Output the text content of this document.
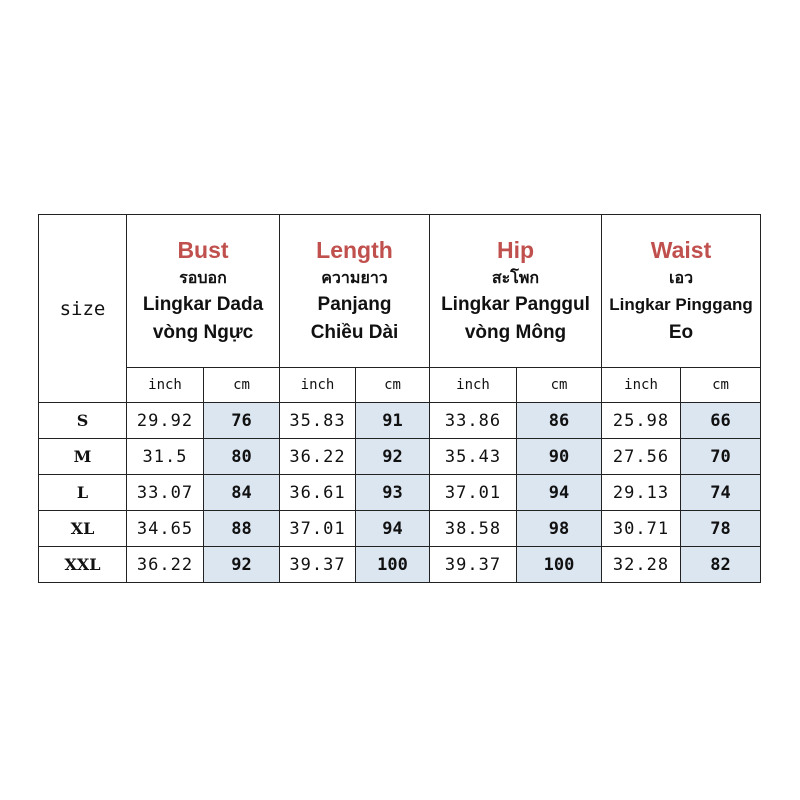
size	Bust
รอบอก
Lingkar Dada
vòng Ngực		Length
ความยาว
Panjang
Chiều Dài		Hip
สะโพก
Lingkar Panggul
vòng Mông		Waist
เอว
Lingkar Pinggang
Eo	

	inch	cm	inch	cm	inch	cm	inch	cm
S	29.92	76	35.83	91	33.86	86	25.98	66
M	31.5	80	36.22	92	35.43	90	27.56	70
L	33.07	84	36.61	93	37.01	94	29.13	74
XL	34.65	88	37.01	94	38.58	98	30.71	78
XXL	36.22	92	39.37	100	39.37	100	32.28	82
